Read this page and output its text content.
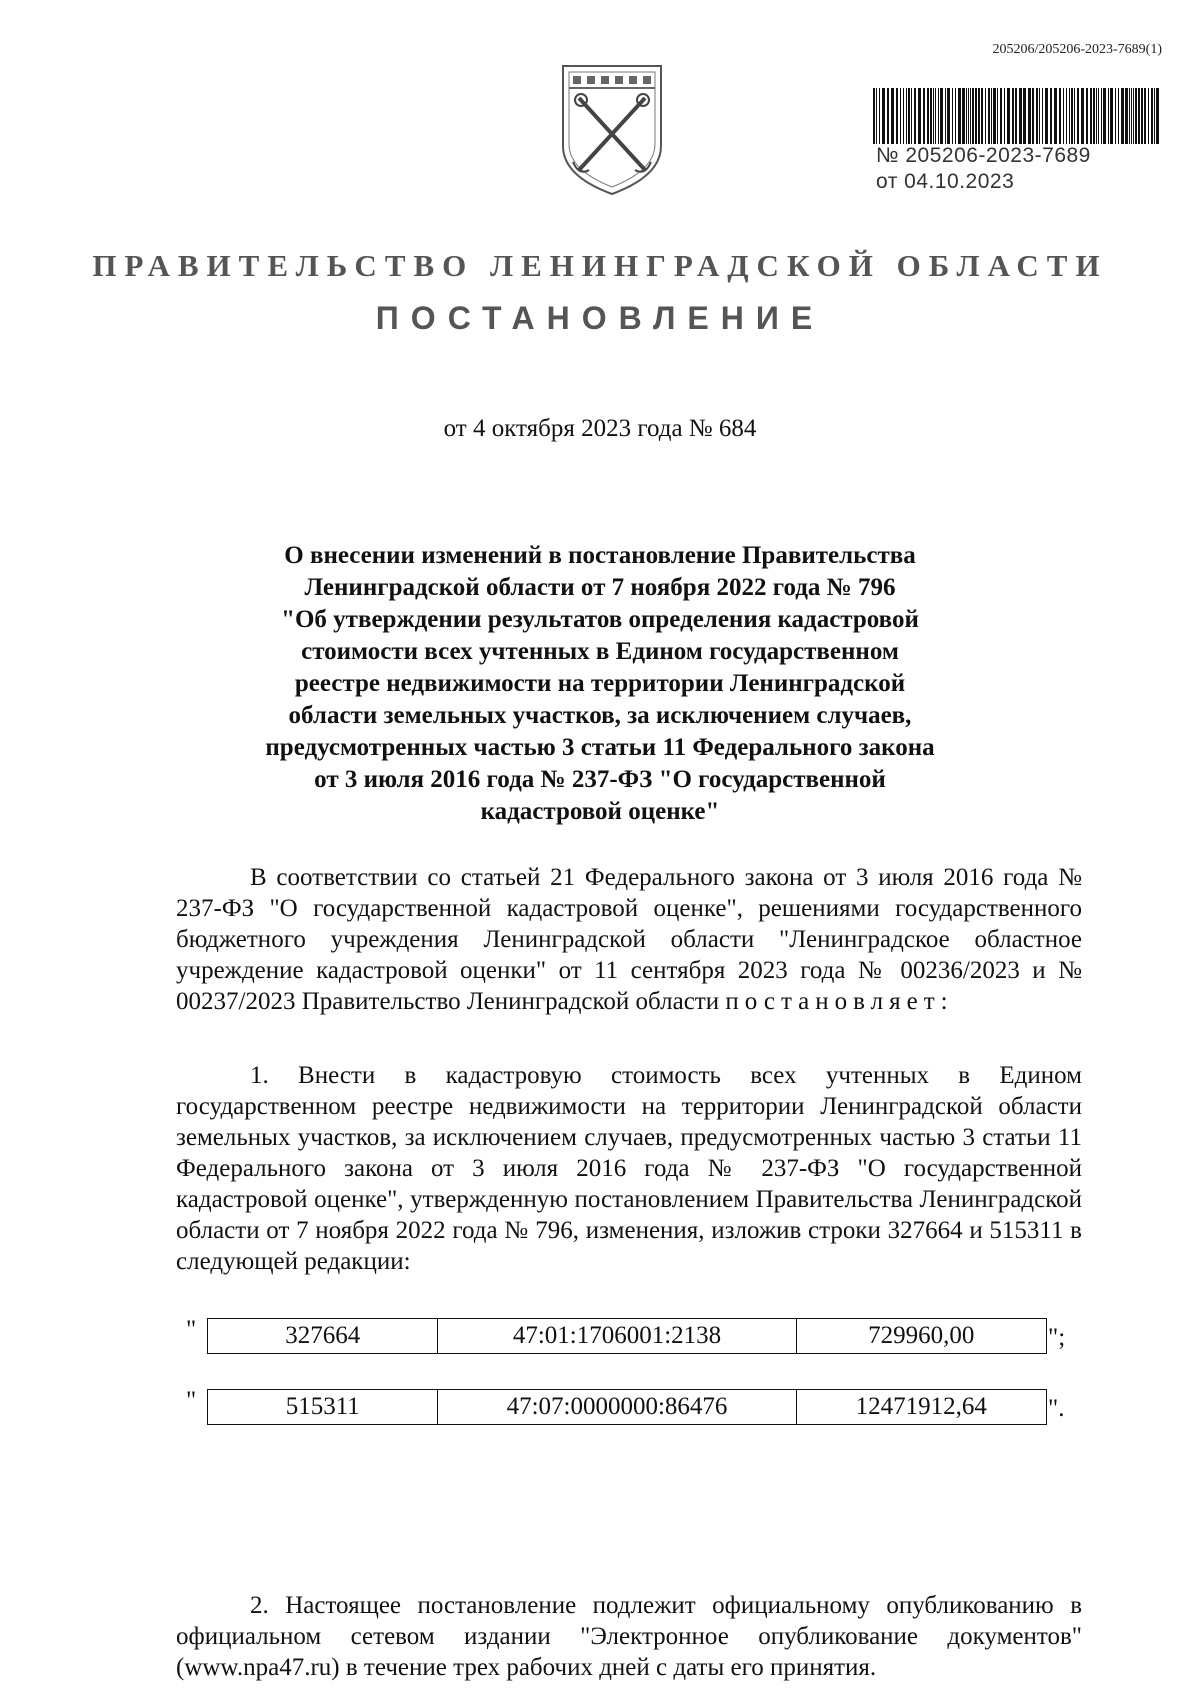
205206/205206-2023-7689(1)
№ 205206-2023-7689
от 04.10.2023
ПРАВИТЕЛЬСТВО ЛЕНИНГРАДСКОЙ ОБЛАСТИ
ПОСТАНОВЛЕНИЕ
от 4 октября 2023 года № 684
О внесении изменений в постановление Правительства
Ленинградской области от 7 ноября 2022 года № 796
"Об утверждении результатов определения кадастровой
стоимости всех учтенных в Едином государственном
реестре недвижимости на территории Ленинградской
области земельных участков, за исключением случаев,
предусмотренных частью 3 статьи 11 Федерального закона
от 3 июля 2016 года № 237-ФЗ "О государственной
кадастровой оценке"
В соответствии со статьей 21 Федерального закона от 3 июля 2016 года № 237-ФЗ "О государственной кадастровой оценке", решениями государственного бюджетного учреждения Ленинградской области "Ленинградское областное учреждение кадастровой оценки" от 11 сентября 2023 года № 00236/2023 и № 00237/2023 Правительство Ленинградской области постановляет:
1. Внести в кадастровую стоимость всех учтенных в Едином государственном реестре недвижимости на территории Ленинградской области земельных участков, за исключением случаев, предусмотренных частью 3 статьи 11 Федерального закона от 3 июля 2016 года № 237-ФЗ "О государственной кадастровой оценке", утвержденную постановлением Правительства Ленинградской области от 7 ноября 2022 года № 796, изменения, изложив строки 327664 и 515311 в следующей редакции:
"	327664	47:01:1706001:2138	729960,00	";
"	515311	47:07:0000000:86476	12471912,64	".
2. Настоящее постановление подлежит официальному опубликованию в официальном сетевом издании "Электронное опубликование документов" (www.npa47.ru) в течение трех рабочих дней с даты его принятия.
